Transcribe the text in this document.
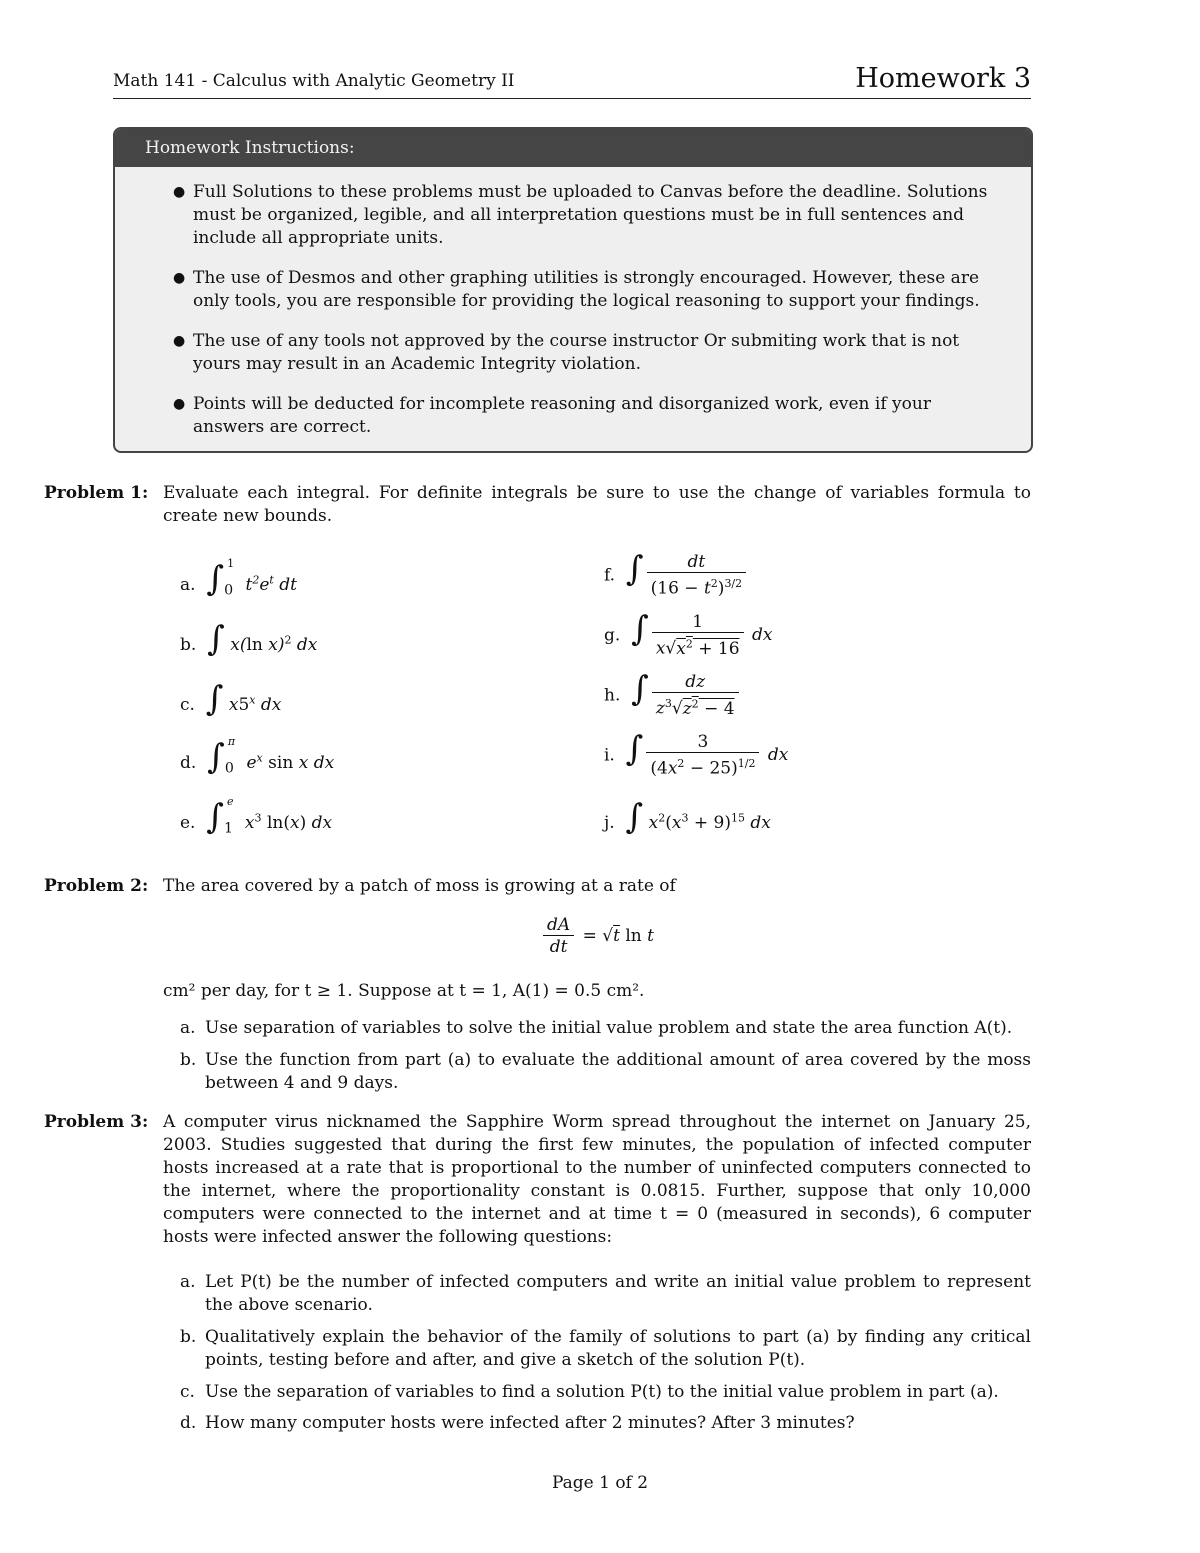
Math 141 - Calculus with Analytic Geometry II	Homework 3
Homework Instructions:
● Full Solutions to these problems must be uploaded to Canvas before the deadline. Solutions must be organized, legible, and all interpretation questions must be in full sentences and include all appropriate units.
● The use of Desmos and other graphing utilities is strongly encouraged. However, these are only tools, you are responsible for providing the logical reasoning to support your findings.
● The use of any tools not approved by the course instructor Or submiting work that is not yours may result in an Academic Integrity violation.
● Points will be deducted for incomplete reasoning and disorganized work, even if your answers are correct.
Problem 1: Evaluate each integral. For definite integrals be sure to use the change of variables formula to create new bounds.
a. $\int_0^1$ $t^2e^t$ dt
b. ∫ x(ln x)$^2$ dx
c. ∫ x5$^x$ dx
d. $\int_0^\pi$ $e^x$ sin x dx
e. $\int_1^e$ $x^3$ ln(x) dx
f. ∫ $\frac{dt}{(16 - t^2)^{3/2}}$
g. ∫ $\frac{1}{x√x^2 + 16}$ dx
h. ∫ $\frac{dz}{z^3√z^2 - 4}$
i. ∫ $\frac{3}{(4x^2 - 25)^{1/2}}$ dx
j. ∫ $x^2(x^3 + 9)^{15}$ dx
Problem 2: The area covered by a patch of moss is growing at a rate of
$\frac{dA}{dt} = √t$ ln t
cm² per day, for t ≥ 1. Suppose at t = 1, A(1) = 0.5 cm².
a. Use separation of variables to solve the initial value problem and state the area function A(t).
b. Use the function from part (a) to evaluate the additional amount of area covered by the moss between 4 and 9 days.
Problem 3: A computer virus nicknamed the Sapphire Worm spread throughout the internet on January 25, 2003. Studies suggested that during the first few minutes, the population of infected computer hosts increased at a rate that is proportional to the number of uninfected computers connected to the internet, where the proportionality constant is 0.0815. Further, suppose that only 10,000 computers were connected to the internet and at time t = 0 (measured in seconds), 6 computer hosts were infected answer the following questions:
a. Let P(t) be the number of infected computers and write an initial value problem to represent the above scenario.
b. Qualitatively explain the behavior of the family of solutions to part (a) by finding any critical points, testing before and after, and give a sketch of the solution P(t).
c. Use the separation of variables to find a solution P(t) to the initial value problem in part (a).
d. How many computer hosts were infected after 2 minutes? After 3 minutes?
Page 1 of 2
